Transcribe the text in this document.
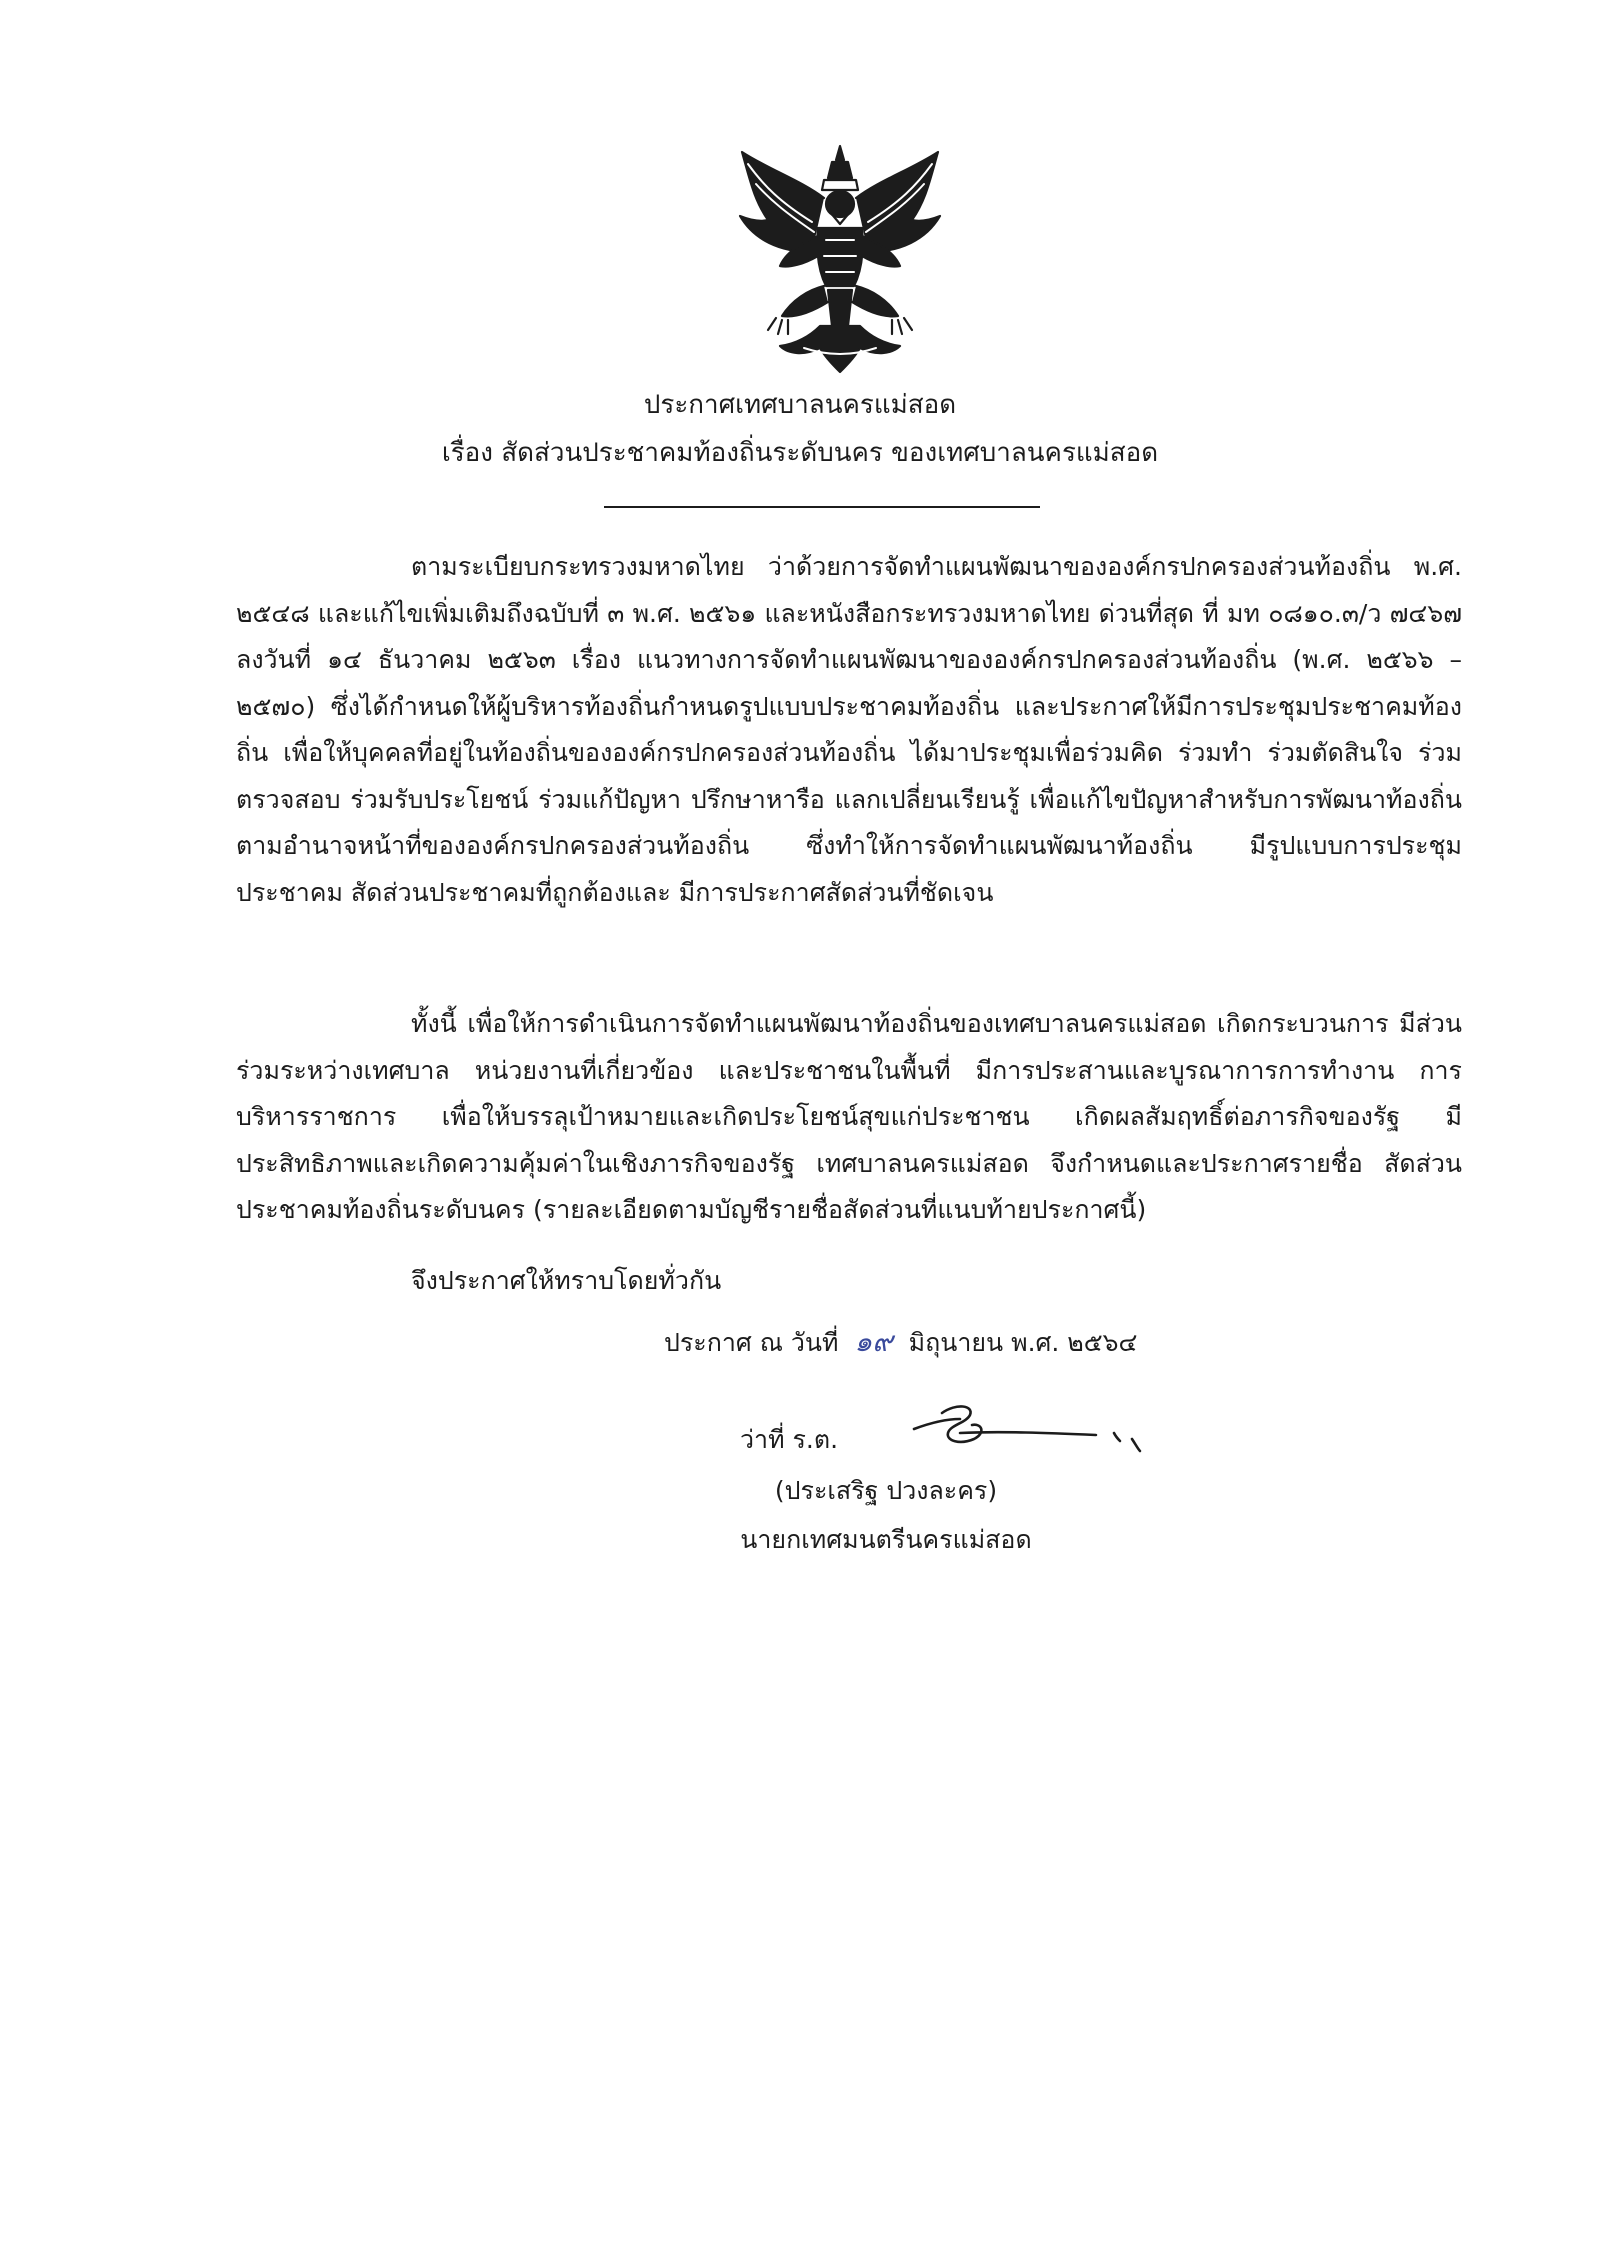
ประกาศเทศบาลนครแม่สอด
เรื่อง สัดส่วนประชาคมท้องถิ่นระดับนคร ของเทศบาลนครแม่สอด

ตามระเบียบกระทรวงมหาดไทย ว่าด้วยการจัดทำแผนพัฒนาขององค์กรปกครองส่วนท้องถิ่น พ.ศ. ๒๕๔๘ และแก้ไขเพิ่มเติมถึงฉบับที่ ๓ พ.ศ. ๒๕๖๑ และหนังสือกระทรวงมหาดไทย ด่วนที่สุด ที่ มท ๐๘๑๐.๓/ว ๗๔๖๗ ลงวันที่ ๑๔ ธันวาคม ๒๕๖๓ เรื่อง แนวทางการจัดทำแผนพัฒนาขององค์กรปกครองส่วนท้องถิ่น (พ.ศ. ๒๕๖๖ – ๒๕๗๐) ซึ่งได้กำหนดให้ผู้บริหารท้องถิ่นกำหนดรูปแบบประชาคมท้องถิ่น และประกาศให้มีการประชุมประชาคมท้องถิ่น เพื่อให้บุคคลที่อยู่ในท้องถิ่นขององค์กรปกครองส่วนท้องถิ่น ได้มาประชุมเพื่อร่วมคิด ร่วมทำ ร่วมตัดสินใจ ร่วมตรวจสอบ ร่วมรับประโยชน์ ร่วมแก้ปัญหา ปรึกษาหารือ แลกเปลี่ยนเรียนรู้ เพื่อแก้ไขปัญหาสำหรับการพัฒนาท้องถิ่นตามอำนาจหน้าที่ขององค์กรปกครองส่วนท้องถิ่น ซึ่งทำให้การจัดทำแผนพัฒนาท้องถิ่น มีรูปแบบการประชุมประชาคม สัดส่วนประชาคมที่ถูกต้องและ มีการประกาศสัดส่วนที่ชัดเจน

ทั้งนี้ เพื่อให้การดำเนินการจัดทำแผนพัฒนาท้องถิ่นของเทศบาลนครแม่สอด เกิดกระบวนการ มีส่วนร่วมระหว่างเทศบาล หน่วยงานที่เกี่ยวข้อง และประชาชนในพื้นที่ มีการประสานและบูรณาการการทำงาน การบริหารราชการ เพื่อให้บรรลุเป้าหมายและเกิดประโยชน์สุขแก่ประชาชน เกิดผลสัมฤทธิ์ต่อภารกิจของรัฐ มีประสิทธิภาพและเกิดความคุ้มค่าในเชิงภารกิจของรัฐ เทศบาลนครแม่สอด จึงกำหนดและประกาศรายชื่อ สัดส่วนประชาคมท้องถิ่นระดับนคร (รายละเอียดตามบัญชีรายชื่อสัดส่วนที่แนบท้ายประกาศนี้)

จึงประกาศให้ทราบโดยทั่วกัน
ประกาศ ณ วันที่ ๑๙ มิถุนายน พ.ศ. ๒๕๖๔
ว่าที่ ร.ต.
(ประเสริฐ ปวงละคร)
นายกเทศมนตรีนครแม่สอด
